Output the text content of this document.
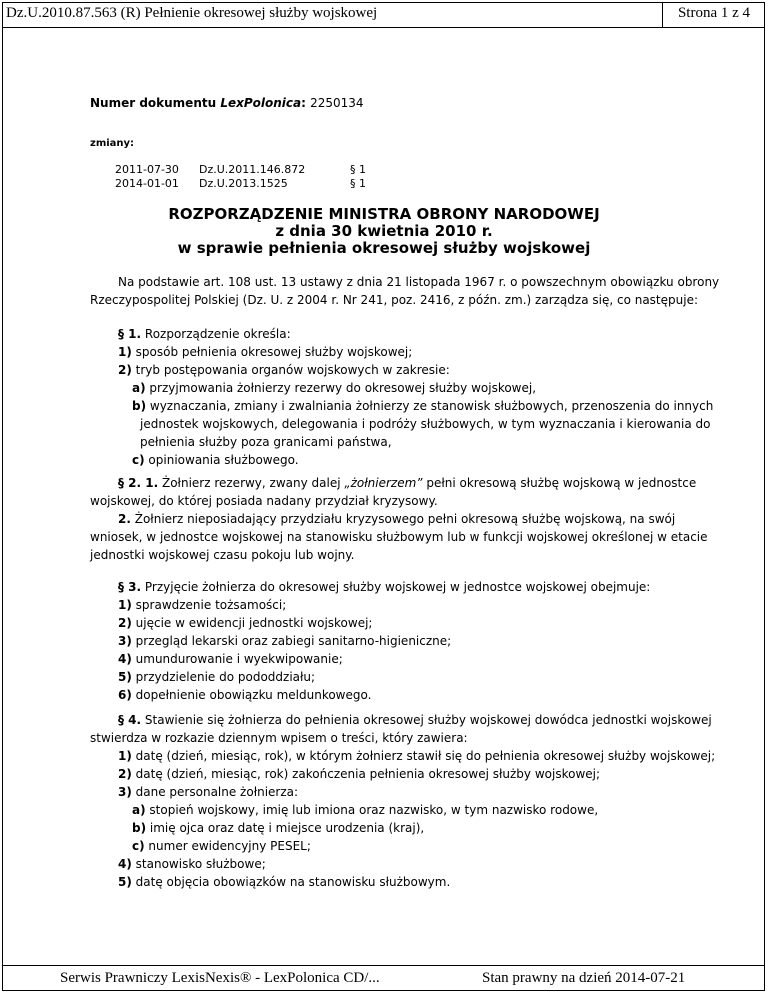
Dz.U.2010.87.563 (R) Pełnienie okresowej służby wojskowej	Strona 1 z 4
Numer dokumentu LexPolonica: 2250134
zmiany:
2011-07-30 Dz.U.2011.146.872	§ 1
2014-01-01 Dz.U.2013.1525	§ 1
ROZPORZĄDZENIE MINISTRA OBRONY NARODOWEJ
z dnia 30 kwietnia 2010 r.
w sprawie pełnienia okresowej służby wojskowej
Na podstawie art. 108 ust. 13 ustawy z dnia 21 listopada 1967 r. o powszechnym obowiązku obrony
Rzeczypospolitej Polskiej (Dz. U. z 2004 r. Nr 241, poz. 2416, z późn. zm.) zarządza się, co następuje:
§ 1. Rozporządzenie określa:
1) sposób pełnienia okresowej służby wojskowej;
2) tryb postępowania organów wojskowych w zakresie:
a) przyjmowania żołnierzy rezerwy do okresowej służby wojskowej,
b) wyznaczania, zmiany i zwalniania żołnierzy ze stanowisk służbowych, przenoszenia do innych
jednostek wojskowych, delegowania i podróży służbowych, w tym wyznaczania i kierowania do
pełnienia służby poza granicami państwa,
c) opiniowania służbowego.
§ 2. 1. Żołnierz rezerwy, zwany dalej „żołnierzem” pełni okresową służbę wojskową w jednostce
wojskowej, do której posiada nadany przydział kryzysowy.
2. Żołnierz nieposiadający przydziału kryzysowego pełni okresową służbę wojskową, na swój
wniosek, w jednostce wojskowej na stanowisku służbowym lub w funkcji wojskowej określonej w etacie
jednostki wojskowej czasu pokoju lub wojny.
§ 3. Przyjęcie żołnierza do okresowej służby wojskowej w jednostce wojskowej obejmuje:
1) sprawdzenie tożsamości;
2) ujęcie w ewidencji jednostki wojskowej;
3) przegląd lekarski oraz zabiegi sanitarno-higieniczne;
4) umundurowanie i wyekwipowanie;
5) przydzielenie do pododdziału;
6) dopełnienie obowiązku meldunkowego.
§ 4. Stawienie się żołnierza do pełnienia okresowej służby wojskowej dowódca jednostki wojskowej
stwierdza w rozkazie dziennym wpisem o treści, który zawiera:
1) datę (dzień, miesiąc, rok), w którym żołnierz stawił się do pełnienia okresowej służby wojskowej;
2) datę (dzień, miesiąc, rok) zakończenia pełnienia okresowej służby wojskowej;
3) dane personalne żołnierza:
a) stopień wojskowy, imię lub imiona oraz nazwisko, w tym nazwisko rodowe,
b) imię ojca oraz datę i miejsce urodzenia (kraj),
c) numer ewidencyjny PESEL;
4) stanowisko służbowe;
5) datę objęcia obowiązków na stanowisku służbowym.
Serwis Prawniczy LexisNexis® - LexPolonica CD/...	Stan prawny na dzień 2014-07-21
